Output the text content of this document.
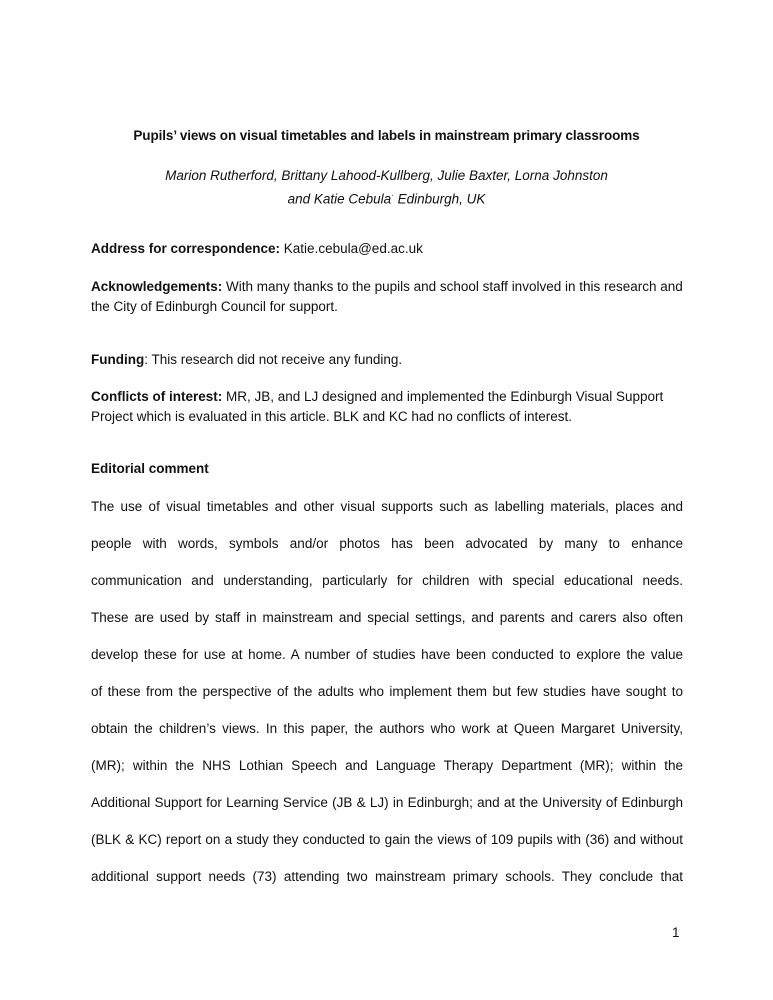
Pupils’ views on visual timetables and labels in mainstream primary classrooms
Marion Rutherford, Brittany Lahood-Kullberg, Julie Baxter, Lorna Johnston
and Katie Cebula· Edinburgh, UK
Address for correspondence: Katie.cebula@ed.ac.uk
Acknowledgements: With many thanks to the pupils and school staff involved in this research and the City of Edinburgh Council for support.
Funding: This research did not receive any funding.
Conflicts of interest: MR, JB, and LJ designed and implemented the Edinburgh Visual Support Project which is evaluated in this article. BLK and KC had no conflicts of interest.
Editorial comment
The use of visual timetables and other visual supports such as labelling materials, places and
people with words, symbols and/or photos has been advocated by many to enhance
communication and understanding, particularly for children with special educational needs.
These are used by staff in mainstream and special settings, and parents and carers also often
develop these for use at home. A number of studies have been conducted to explore the value
of these from the perspective of the adults who implement them but few studies have sought to
obtain the children’s views. In this paper, the authors who work at Queen Margaret University,
(MR); within the NHS Lothian Speech and Language Therapy Department (MR); within the
Additional Support for Learning Service (JB & LJ) in Edinburgh; and at the University of Edinburgh
(BLK & KC) report on a study they conducted to gain the views of 109 pupils with (36) and without
additional support needs (73) attending two mainstream primary schools. They conclude that
1
